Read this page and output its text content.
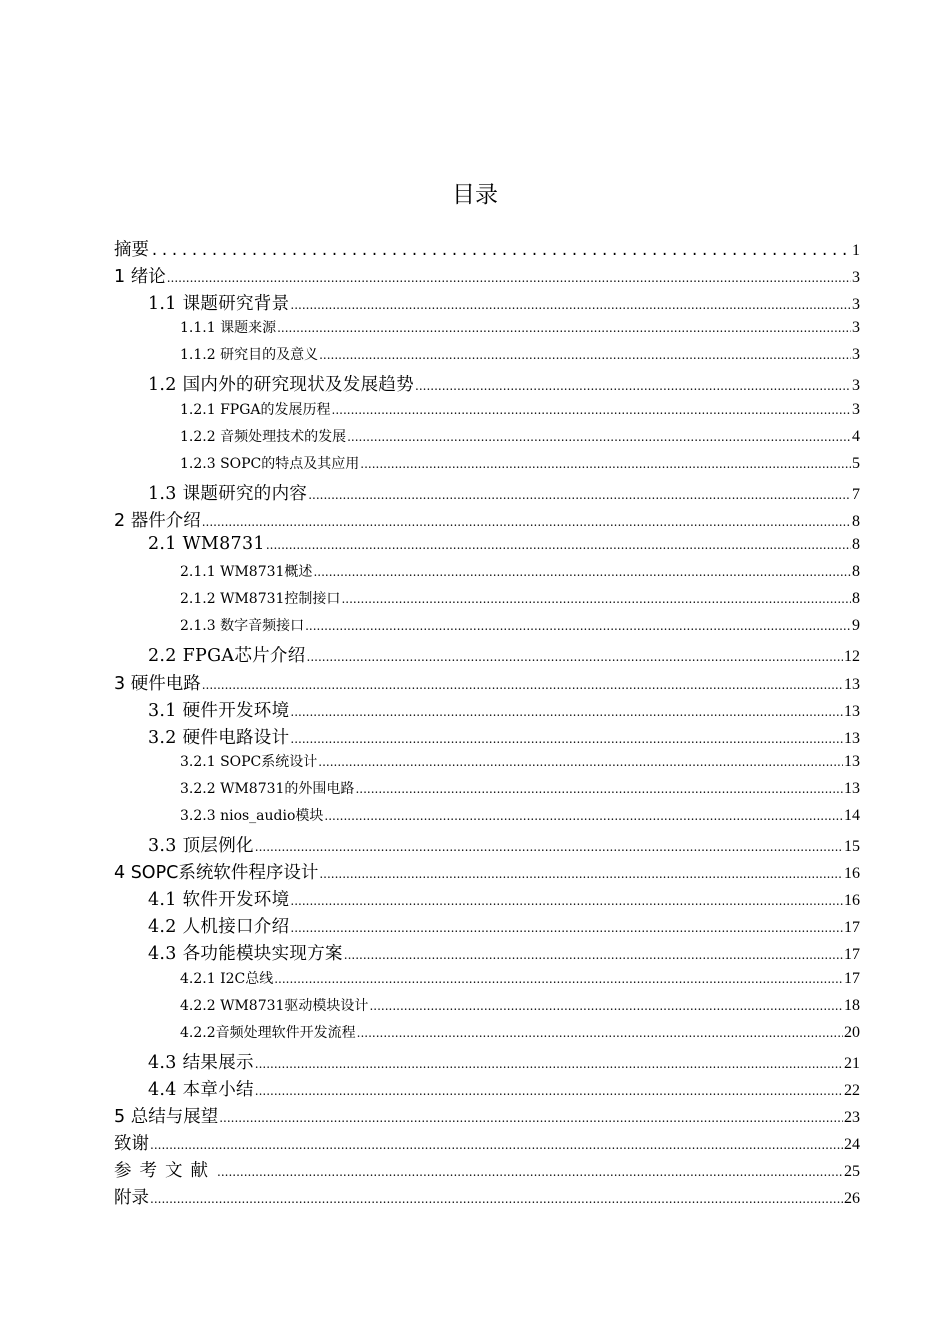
目录
摘要 .....	1
1 绪论 .....	3
1.1 课题研究背景 .....	3
1.1.1 课题来源 .....	3
1.1.2 研究目的及意义 .....	3
1.2 国内外的研究现状及发展趋势 .....	3
1.2.1 FPGA的发展历程 .....	3
1.2.2 音频处理技术的发展 .....	4
1.2.3 SOPC的特点及其应用 .....	5
1.3 课题研究的内容 .....	7
2 器件介绍 .....	8
2.1 WM8731 .....	8
2.1.1 WM8731概述 .....	8
2.1.2 WM8731控制接口 .....	8
2.1.3 数字音频接口 .....	9
2.2 FPGA芯片介绍 .....	12
3 硬件电路 .....	13
3.1 硬件开发环境 .....	13
3.2 硬件电路设计 .....	13
3.2.1 SOPC系统设计 .....	13
3.2.2 WM8731的外围电路 .....	13
3.2.3 nios_audio模块 .....	14
3.3 顶层例化 .....	15
4 SOPC系统软件程序设计 .....	16
4.1 软件开发环境 .....	16
4.2 人机接口介绍 .....	17
4.3 各功能模块实现方案 .....	17
4.2.1 I2C总线 .....	17
4.2.2 WM8731驱动模块设计 .....	18
4.2.2音频处理软件开发流程 .....	20
4.3 结果展示 .....	21
4.4 本章小结 .....	22
5 总结与展望 .....	23
致谢 .....	24
参考文献 .....	25
附录 .....	26
